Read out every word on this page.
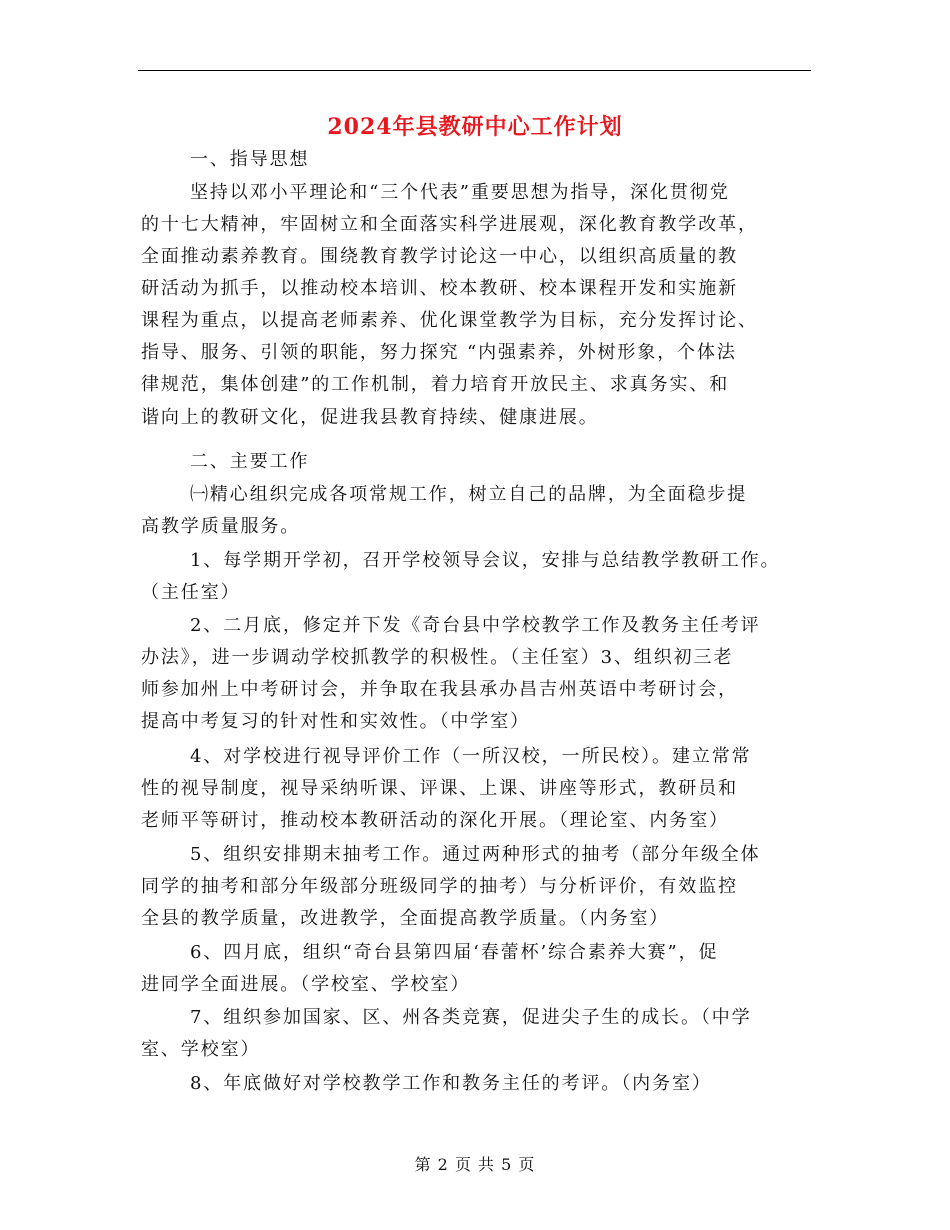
2024年县教研中心工作计划
一、指导思想
坚持以邓小平理论和“三个代表”重要思想为指导，深化贯彻党
的十七大精神，牢固树立和全面落实科学进展观，深化教育教学改革，
全面推动素养教育。围绕教育教学讨论这一中心，以组织高质量的教
研活动为抓手，以推动校本培训、校本教研、校本课程开发和实施新
课程为重点，以提高老师素养、优化课堂教学为目标，充分发挥讨论、
指导、服务、引领的职能，努力探究 “内强素养，外树形象，个体法
律规范，集体创建”的工作机制，着力培育开放民主、求真务实、和
谐向上的教研文化，促进我县教育持续、健康进展。
二、主要工作
㈠精心组织完成各项常规工作，树立自己的品牌，为全面稳步提
高教学质量服务。
1、每学期开学初，召开学校领导会议，安排与总结教学教研工作。
（主任室）
2、二月底，修定并下发《奇台县中学校教学工作及教务主任考评
办法》，进一步调动学校抓教学的积极性。（主任室）3、组织初三老
师参加州上中考研讨会，并争取在我县承办昌吉州英语中考研讨会，
提高中考复习的针对性和实效性。（中学室）
4、对学校进行视导评价工作（一所汉校，一所民校）。建立常常
性的视导制度，视导采纳听课、评课、上课、讲座等形式，教研员和
老师平等研讨，推动校本教研活动的深化开展。（理论室、内务室）
5、组织安排期末抽考工作。通过两种形式的抽考（部分年级全体
同学的抽考和部分年级部分班级同学的抽考）与分析评价，有效监控
全县的教学质量，改进教学，全面提高教学质量。（内务室）
6、四月底，组织“奇台县第四届‘春蕾杯’综合素养大赛”，促
进同学全面进展。（学校室、学校室）
7、组织参加国家、区、州各类竞赛，促进尖子生的成长。（中学
室、学校室）
8、年底做好对学校教学工作和教务主任的考评。（内务室）
第 2 页 共 5 页
